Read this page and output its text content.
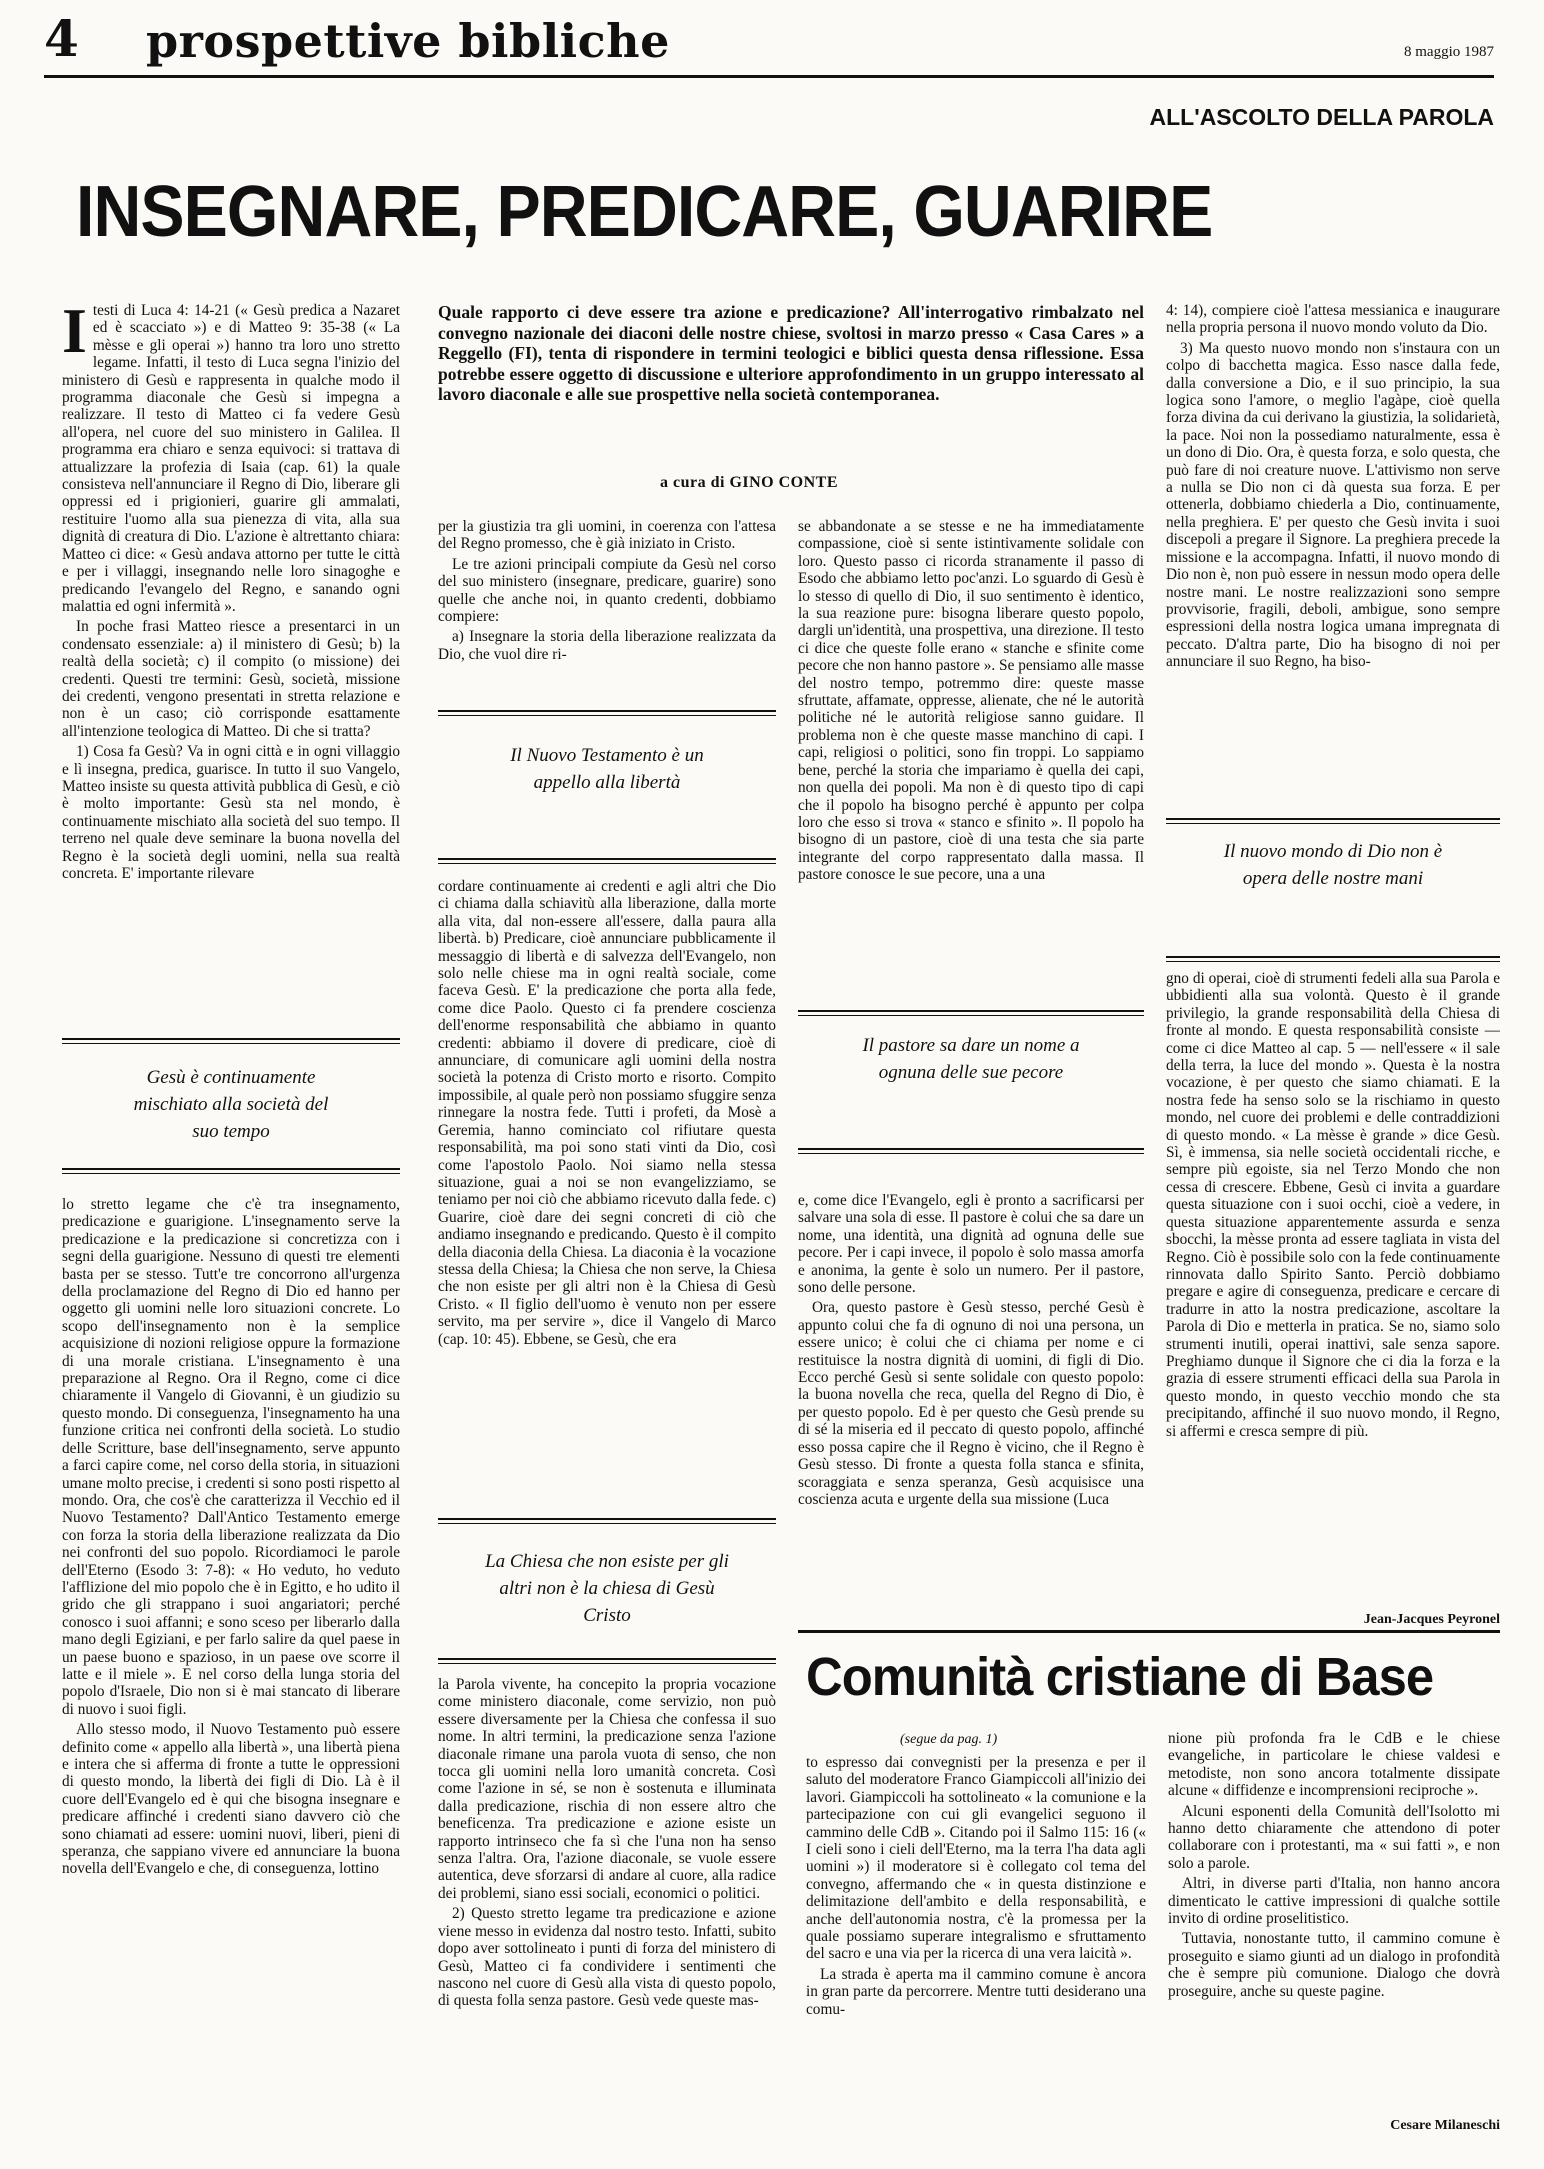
4 prospettive bibliche	8 maggio 1987
ALL'ASCOLTO DELLA PAROLA
INSEGNARE, PREDICARE, GUARIRE
Quale rapporto ci deve essere tra azione e predicazione? All'interrogativo rimbalzato nel convegno nazionale dei diaconi delle nostre chiese, svoltosi in marzo presso « Casa Cares » a Reggello (FI), tenta di rispondere in termini teologici e biblici questa densa riflessione. Essa potrebbe essere oggetto di discussione e ulteriore approfondimento in un gruppo interessato al lavoro diaconale e alle sue prospettive nella società contemporanea.
a cura di GINO CONTE

I testi di Luca 4: 14-21 (« Gesù predica a Nazaret ed è scacciato ») e di Matteo 9: 35-38 (« La mèsse e gli operai ») hanno tra loro uno stretto legame. Infatti, il testo di Luca segna l'inizio del ministero di Gesù e rappresenta in qualche modo il programma diaconale che Gesù si impegna a realizzare. Il testo di Matteo ci fa vedere Gesù all'opera, nel cuore del suo ministero in Galilea. Il programma era chiaro e senza equivoci: si trattava di attualizzare la profezia di Isaia (cap. 61) la quale consisteva nell'annunciare il Regno di Dio, liberare gli oppressi ed i prigionieri, guarire gli ammalati, restituire l'uomo alla sua pienezza di vita, alla sua dignità di creatura di Dio. L'azione è altrettanto chiara: Matteo ci dice: « Gesù andava attorno per tutte le città e per i villaggi, insegnando nelle loro sinagoghe e predicando l'evangelo del Regno, e sanando ogni malattia ed ogni infermità ».

In poche frasi Matteo riesce a presentarci in un condensato essenziale: a) il ministero di Gesù; b) la realtà della società; c) il compito (o missione) dei credenti. Questi tre termini: Gesù, società, missione dei credenti, vengono presentati in stretta relazione e non è un caso; ciò corrisponde esattamente all'intenzione teologica di Matteo. Di che si tratta?

1) Cosa fa Gesù? Va in ogni città e in ogni villaggio e lì insegna, predica, guarisce. In tutto il suo Vangelo, Matteo insiste su questa attività pubblica di Gesù, e ciò è molto importante: Gesù sta nel mondo, è continuamente mischiato alla società del suo tempo. Il terreno nel quale deve seminare la buona novella del Regno è la società degli uomini, nella sua realtà concreta. E' importante rilevare

Gesù è continuamente mischiato alla società del suo tempo

lo stretto legame che c'è tra insegnamento, predicazione e guarigione. L'insegnamento serve la predicazione e la predicazione si concretizza con i segni della guarigione. Nessuno di questi tre elementi basta per se stesso. Tutt'e tre concorrono all'urgenza della proclamazione del Regno di Dio ed hanno per oggetto gli uomini nelle loro situazioni concrete. Lo scopo dell'insegnamento non è la semplice acquisizione di nozioni religiose oppure la formazione di una morale cristiana. L'insegnamento è una preparazione al Regno. Ora il Regno, come ci dice chiaramente il Vangelo di Giovanni, è un giudizio su questo mondo. Di conseguenza, l'insegnamento ha una funzione critica nei confronti della società. Lo studio delle Scritture, base dell'insegnamento, serve appunto a farci capire come, nel corso della storia, in situazioni umane molto precise, i credenti si sono posti rispetto al mondo. Ora, che cos'è che caratterizza il Vecchio ed il Nuovo Testamento? Dall'Antico Testamento emerge con forza la storia della liberazione realizzata da Dio nei confronti del suo popolo. Ricordiamoci le parole dell'Eterno (Esodo 3: 7-8): « Ho veduto, ho veduto l'afflizione del mio popolo che è in Egitto, e ho udito il grido che gli strappano i suoi angariatori; perché conosco i suoi affanni; e sono sceso per liberarlo dalla mano degli Egiziani, e per farlo salire da quel paese in un paese buono e spazioso, in un paese ove scorre il latte e il miele ». E nel corso della lunga storia del popolo d'Israele, Dio non si è mai stancato di liberare di nuovo i suoi figli.

Allo stesso modo, il Nuovo Testamento può essere definito come « appello alla libertà », una libertà piena e intera che si afferma di fronte a tutte le oppressioni di questo mondo, la libertà dei figli di Dio. Là è il cuore dell'Evangelo ed è qui che bisogna insegnare e predicare affinché i credenti siano davvero ciò che sono chiamati ad essere: uomini nuovi, liberi, pieni di speranza, che sappiano vivere ed annunciare la buona novella dell'Evangelo e che, di conseguenza, lottino

per la giustizia tra gli uomini, in coerenza con l'attesa del Regno promesso, che è già iniziato in Cristo.

Le tre azioni principali compiute da Gesù nel corso del suo ministero (insegnare, predicare, guarire) sono quelle che anche noi, in quanto credenti, dobbiamo compiere:

a) Insegnare la storia della liberazione realizzata da Dio, che vuol dire ri-

Il Nuovo Testamento è un appello alla libertà

cordare continuamente ai credenti e agli altri che Dio ci chiama dalla schiavitù alla liberazione, dalla morte alla vita, dal non-essere all'essere, dalla paura alla libertà. b) Predicare, cioè annunciare pubblicamente il messaggio di libertà e di salvezza dell'Evangelo, non solo nelle chiese ma in ogni realtà sociale, come faceva Gesù. E' la predicazione che porta alla fede, come dice Paolo. Questo ci fa prendere coscienza dell'enorme responsabilità che abbiamo in quanto credenti: abbiamo il dovere di predicare, cioè di annunciare, di comunicare agli uomini della nostra società la potenza di Cristo morto e risorto. Compito impossibile, al quale però non possiamo sfuggire senza rinnegare la nostra fede. Tutti i profeti, da Mosè a Geremia, hanno cominciato col rifiutare questa responsabilità, ma poi sono stati vinti da Dio, così come l'apostolo Paolo. Noi siamo nella stessa situazione, guai a noi se non evangelizziamo, se teniamo per noi ciò che abbiamo ricevuto dalla fede. c) Guarire, cioè dare dei segni concreti di ciò che andiamo insegnando e predicando. Questo è il compito della diaconia della Chiesa. La diaconia è la vocazione stessa della Chiesa; la Chiesa che non serve, la Chiesa che non esiste per gli altri non è la Chiesa di Gesù Cristo. « Il figlio dell'uomo è venuto non per essere servito, ma per servire », dice il Vangelo di Marco (cap. 10: 45). Ebbene, se Gesù, che era

La Chiesa che non esiste per gli altri non è la chiesa di Gesù Cristo

la Parola vivente, ha concepito la propria vocazione come ministero diaconale, come servizio, non può essere diversamente per la Chiesa che confessa il suo nome. In altri termini, la predicazione senza l'azione diaconale rimane una parola vuota di senso, che non tocca gli uomini nella loro umanità concreta. Così come l'azione in sé, se non è sostenuta e illuminata dalla predicazione, rischia di non essere altro che beneficenza. Tra predicazione e azione esiste un rapporto intrinseco che fa sì che l'una non ha senso senza l'altra. Ora, l'azione diaconale, se vuole essere autentica, deve sforzarsi di andare al cuore, alla radice dei problemi, siano essi sociali, economici o politici.

2) Questo stretto legame tra predicazione e azione viene messo in evidenza dal nostro testo. Infatti, subito dopo aver sottolineato i punti di forza del ministero di Gesù, Matteo ci fa condividere i sentimenti che nascono nel cuore di Gesù alla vista di questo popolo, di questa folla senza pastore. Gesù vede queste mas-

se abbandonate a se stesse e ne ha immediatamente compassione, cioè si sente istintivamente solidale con loro. Questo passo ci ricorda stranamente il passo di Esodo che abbiamo letto poc'anzi. Lo sguardo di Gesù è lo stesso di quello di Dio, il suo sentimento è identico, la sua reazione pure: bisogna liberare questo popolo, dargli un'identità, una prospettiva, una direzione. Il testo ci dice che queste folle erano « stanche e sfinite come pecore che non hanno pastore ». Se pensiamo alle masse del nostro tempo, potremmo dire: queste masse sfruttate, affamate, oppresse, alienate, che né le autorità politiche né le autorità religiose sanno guidare. Il problema non è che queste masse manchino di capi. I capi, religiosi o politici, sono fin troppi. Lo sappiamo bene, perché la storia che impariamo è quella dei capi, non quella dei popoli. Ma non è di questo tipo di capi che il popolo ha bisogno perché è appunto per colpa loro che esso si trova « stanco e sfinito ». Il popolo ha bisogno di un pastore, cioè di una testa che sia parte integrante del corpo rappresentato dalla massa. Il pastore conosce le sue pecore, una a una

Il pastore sa dare un nome a ognuna delle sue pecore

e, come dice l'Evangelo, egli è pronto a sacrificarsi per salvare una sola di esse. Il pastore è colui che sa dare un nome, una identità, una dignità ad ognuna delle sue pecore. Per i capi invece, il popolo è solo massa amorfa e anonima, la gente è solo un numero. Per il pastore, sono delle persone.

Ora, questo pastore è Gesù stesso, perché Gesù è appunto colui che fa di ognuno di noi una persona, un essere unico; è colui che ci chiama per nome e ci restituisce la nostra dignità di uomini, di figli di Dio. Ecco perché Gesù si sente solidale con questo popolo: la buona novella che reca, quella del Regno di Dio, è per questo popolo. Ed è per questo che Gesù prende su di sé la miseria ed il peccato di questo popolo, affinché esso possa capire che il Regno è vicino, che il Regno è Gesù stesso. Di fronte a questa folla stanca e sfinita, scoraggiata e senza speranza, Gesù acquisisce una coscienza acuta e urgente della sua missione (Luca

4: 14), compiere cioè l'attesa messianica e inaugurare nella propria persona il nuovo mondo voluto da Dio.

3) Ma questo nuovo mondo non s'instaura con un colpo di bacchetta magica. Esso nasce dalla fede, dalla conversione a Dio, e il suo principio, la sua logica sono l'amore, o meglio l'agàpe, cioè quella forza divina da cui derivano la giustizia, la solidarietà, la pace. Noi non la possediamo naturalmente, essa è un dono di Dio. Ora, è questa forza, e solo questa, che può fare di noi creature nuove. L'attivismo non serve a nulla se Dio non ci dà questa sua forza. E per ottenerla, dobbiamo chiederla a Dio, continuamente, nella preghiera. E' per questo che Gesù invita i suoi discepoli a pregare il Signore. La preghiera precede la missione e la accompagna. Infatti, il nuovo mondo di Dio non è, non può essere in nessun modo opera delle nostre mani. Le nostre realizzazioni sono sempre provvisorie, fragili, deboli, ambigue, sono sempre espressioni della nostra logica umana impregnata di peccato. D'altra parte, Dio ha bisogno di noi per annunciare il suo Regno, ha biso-

Il nuovo mondo di Dio non è opera delle nostre mani

gno di operai, cioè di strumenti fedeli alla sua Parola e ubbidienti alla sua volontà. Questo è il grande privilegio, la grande responsabilità della Chiesa di fronte al mondo. E questa responsabilità consiste — come ci dice Matteo al cap. 5 — nell'essere « il sale della terra, la luce del mondo ». Questa è la nostra vocazione, è per questo che siamo chiamati. E la nostra fede ha senso solo se la rischiamo in questo mondo, nel cuore dei problemi e delle contraddizioni di questo mondo. « La mèsse è grande » dice Gesù. Sì, è immensa, sia nelle società occidentali ricche, e sempre più egoiste, sia nel Terzo Mondo che non cessa di crescere. Ebbene, Gesù ci invita a guardare questa situazione con i suoi occhi, cioè a vedere, in questa situazione apparentemente assurda e senza sbocchi, la mèsse pronta ad essere tagliata in vista del Regno. Ciò è possibile solo con la fede continuamente rinnovata dallo Spirito Santo. Perciò dobbiamo pregare e agire di conseguenza, predicare e cercare di tradurre in atto la nostra predicazione, ascoltare la Parola di Dio e metterla in pratica. Se no, siamo solo strumenti inutili, operai inattivi, sale senza sapore. Preghiamo dunque il Signore che ci dia la forza e la grazia di essere strumenti efficaci della sua Parola in questo mondo, in questo vecchio mondo che sta precipitando, affinché il suo nuovo mondo, il Regno, si affermi e cresca sempre di più.

Jean-Jacques Peyronel
Comunità cristiane di Base
(segue da pag. 1)

to espresso dai convegnisti per la presenza e per il saluto del moderatore Franco Giampiccoli all'inizio dei lavori. Giampiccoli ha sottolineato « la comunione e la partecipazione con cui gli evangelici seguono il cammino delle CdB ». Citando poi il Salmo 115: 16 (« I cieli sono i cieli dell'Eterno, ma la terra l'ha data agli uomini ») il moderatore si è collegato col tema del convegno, affermando che « in questa distinzione e delimitazione dell'ambito e della responsabilità, e anche dell'autonomia nostra, c'è la promessa per la quale possiamo superare integralismo e sfruttamento del sacro e una via per la ricerca di una vera laicità ».

La strada è aperta ma il cammino comune è ancora in gran parte da percorrere. Mentre tutti desiderano una comu-

nione più profonda fra le CdB e le chiese evangeliche, in particolare le chiese valdesi e metodiste, non sono ancora totalmente dissipate alcune « diffidenze e incomprensioni reciproche ».

Alcuni esponenti della Comunità dell'Isolotto mi hanno detto chiaramente che attendono di poter collaborare con i protestanti, ma « sui fatti », e non solo a parole.

Altri, in diverse parti d'Italia, non hanno ancora dimenticato le cattive impressioni di qualche sottile invito di ordine proselitistico.

Tuttavia, nonostante tutto, il cammino comune è proseguito e siamo giunti ad un dialogo in profondità che è sempre più comunione. Dialogo che dovrà proseguire, anche su queste pagine.

Cesare Milaneschi
